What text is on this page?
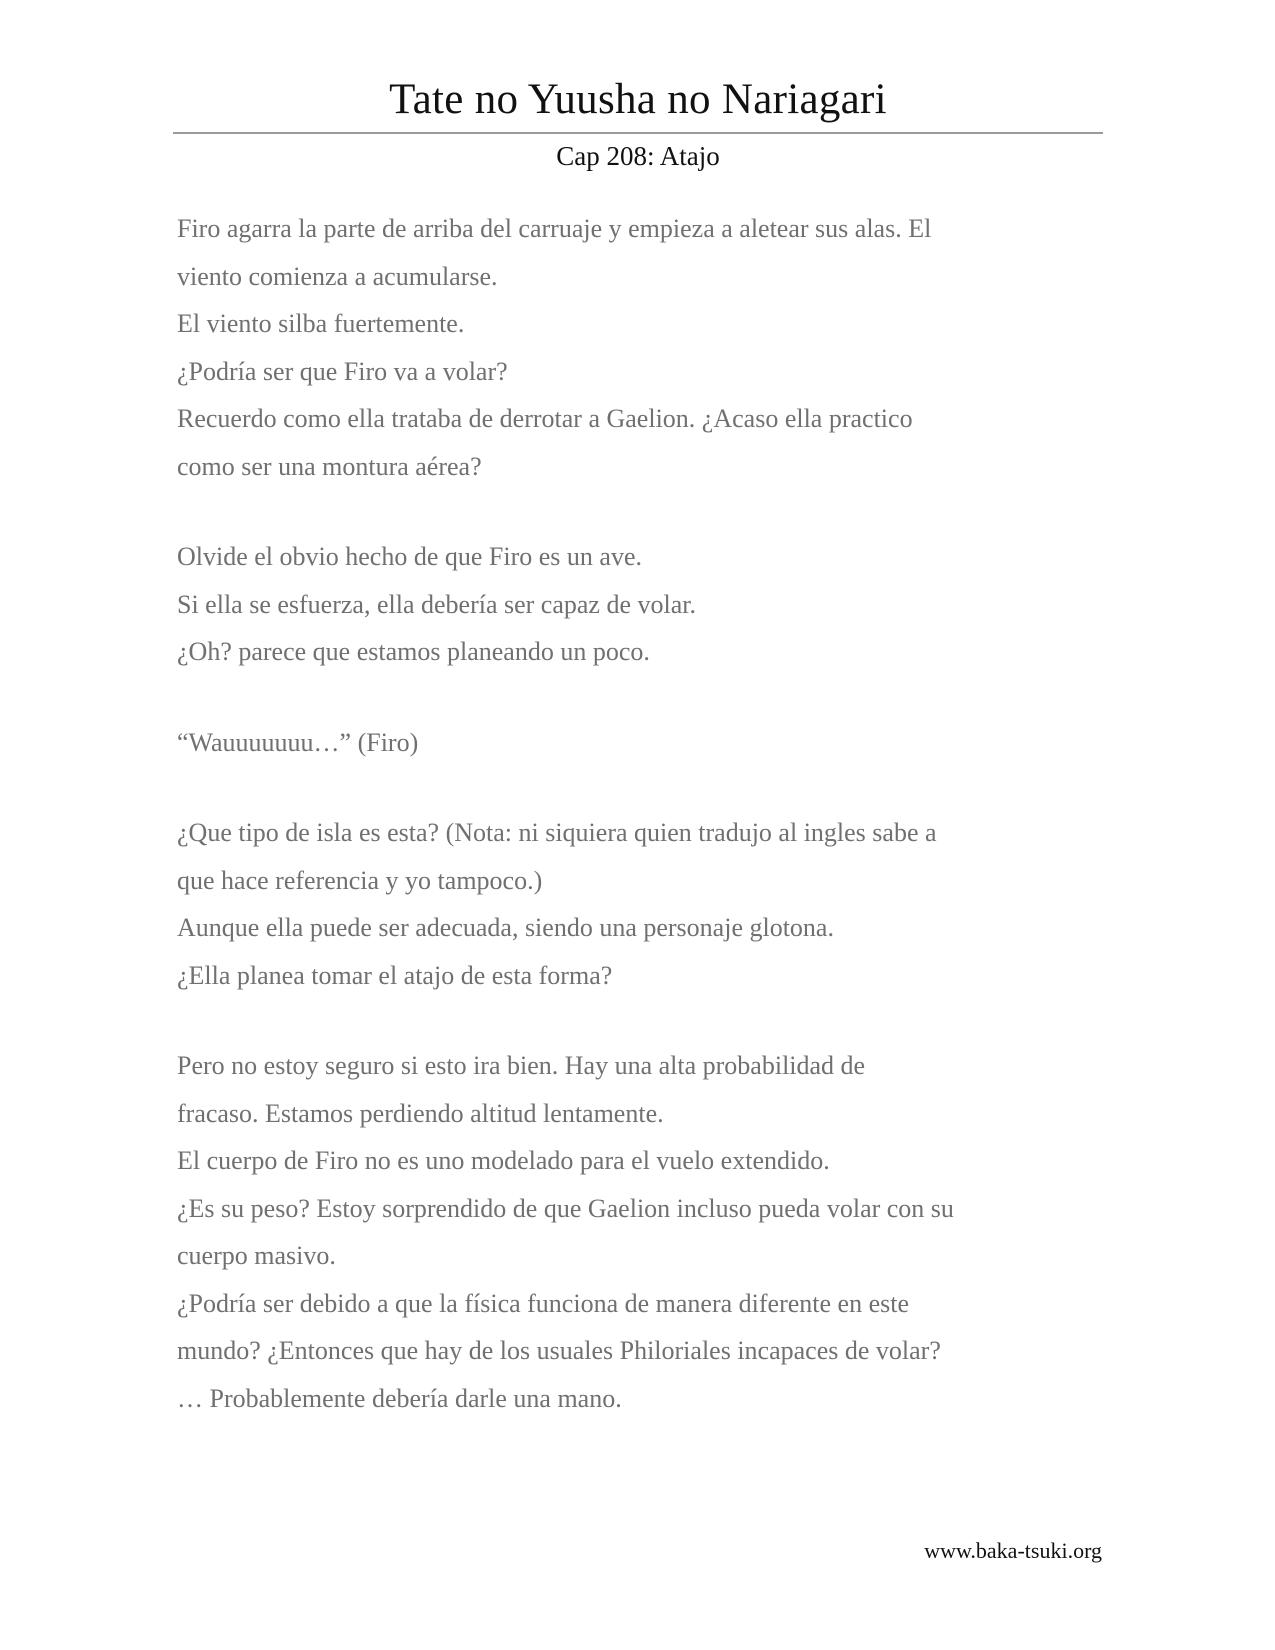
Tate no Yuusha no Nariagari
Cap 208: Atajo
Firo agarra la parte de arriba del carruaje y empieza a aletear sus alas. El
viento comienza a acumularse.
El viento silba fuertemente.
¿Podría ser que Firo va a volar?
Recuerdo como ella trataba de derrotar a Gaelion. ¿Acaso ella practico
como ser una montura aérea?
Olvide el obvio hecho de que Firo es un ave.
Si ella se esfuerza, ella debería ser capaz de volar.
¿Oh? parece que estamos planeando un poco.
“Wauuuuuuu…” (Firo)
¿Que tipo de isla es esta? (Nota: ni siquiera quien tradujo al ingles sabe a
que hace referencia y yo tampoco.)
Aunque ella puede ser adecuada, siendo una personaje glotona.
¿Ella planea tomar el atajo de esta forma?
Pero no estoy seguro si esto ira bien. Hay una alta probabilidad de
fracaso. Estamos perdiendo altitud lentamente.
El cuerpo de Firo no es uno modelado para el vuelo extendido.
¿Es su peso? Estoy sorprendido de que Gaelion incluso pueda volar con su
cuerpo masivo.
¿Podría ser debido a que la física funciona de manera diferente en este
mundo? ¿Entonces que hay de los usuales Philoriales incapaces de volar?
… Probablemente debería darle una mano.
www.baka-tsuki.org
